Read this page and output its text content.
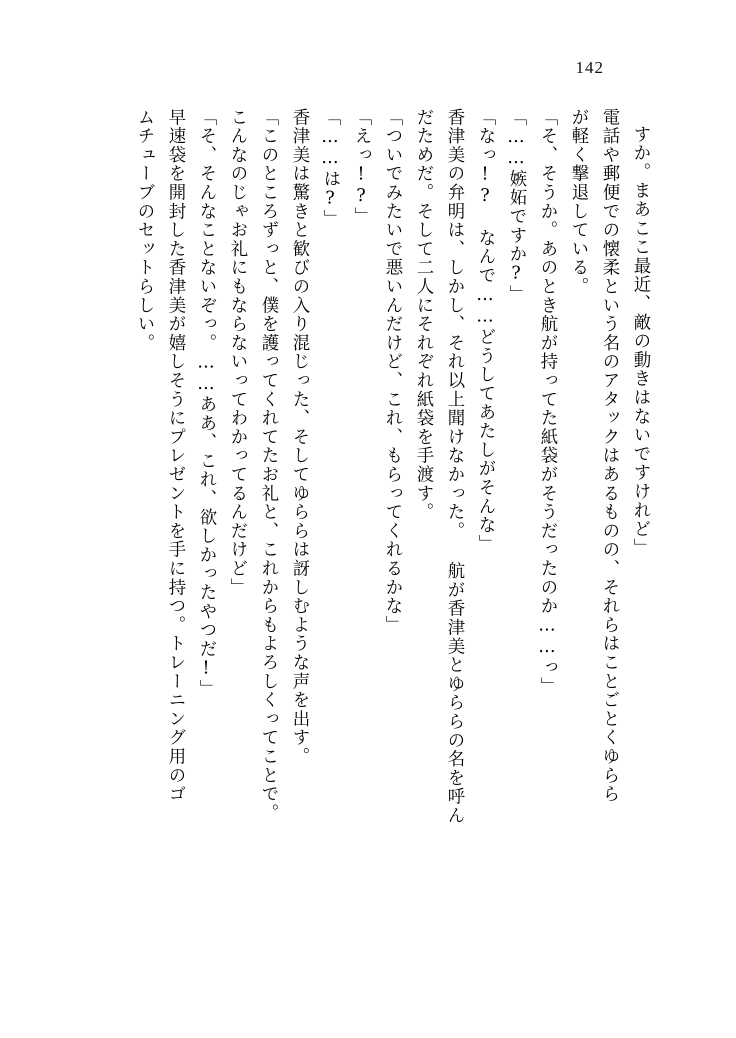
142
すか。まあここ最近、敵の動きはないですけれど」
電話や郵便での懐柔という名のアタックはあるものの、それらはことごとくゆらら
が軽く撃退している。
「そ、そうか。あのとき航が持ってた紙袋がそうだったのか……っ」
「……嫉妬ですか?」
「なっ!? なんで……どうしてあたしがそんな」
香津美の弁明は、しかし、それ以上聞けなかった。 航が香津美とゆららの名を呼ん
だためだ。そして二人にそれぞれ紙袋を手渡す。
「ついでみたいで悪いんだけど、これ、もらってくれるかな」
「えっ!?」
「……は?」
香津美は驚きと歓びの入り混じった、そしてゆららは訝しむような声を出す。
「このところずっと、僕を護ってくれてたお礼と、これからもよろしくってことで。
こんなのじゃお礼にもならないってわかってるんだけど」
「そ、そんなことないぞっ。……ああ、これ、欲しかったやつだ!」
早速袋を開封した香津美が嬉しそうにプレゼントを手に持つ。トレーニング用のゴ
ムチューブのセットらしい。
